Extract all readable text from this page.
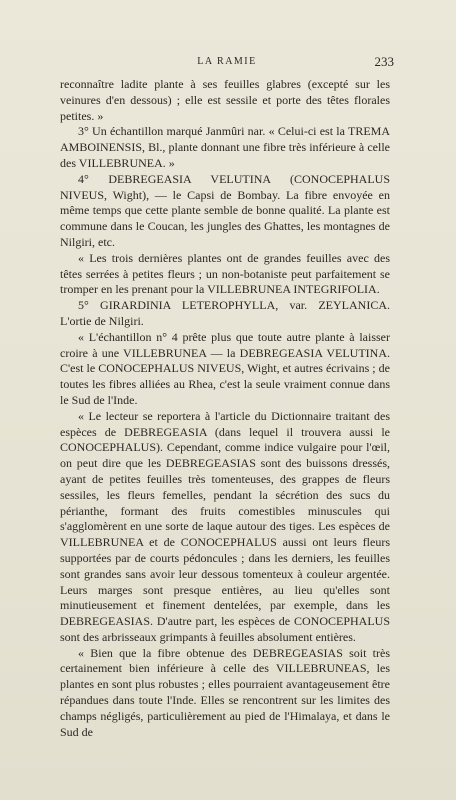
LA RAMIE	233

reconnaître ladite plante à ses feuilles glabres (excepté sur les veinures d'en dessous) ; elle est sessile et porte des têtes florales petites. »

3° Un échantillon marqué Janmûri nar. « Celui-ci est la TREMA AMBOINENSIS, Bl., plante donnant une fibre très inférieure à celle des VILLEBRUNEA. »

4° DEBREGEASIA VELUTINA (CONOCEPHALUS NIVEUS, Wight), — le Capsi de Bombay. La fibre envoyée en même temps que cette plante semble de bonne qualité. La plante est commune dans le Coucan, les jungles des Ghattes, les montagnes de Nilgiri, etc.

« Les trois dernières plantes ont de grandes feuilles avec des têtes serrées à petites fleurs ; un non-botaniste peut parfaitement se tromper en les prenant pour la VILLEBRUNEA INTEGRIFOLIA.

5° GIRARDINIA LETEROPHYLLA, var. ZEYLANICA. L'ortie de Nilgiri.

« L'échantillon n° 4 prête plus que toute autre plante à laisser croire à une VILLEBRUNEA — la DEBREGEASIA VELUTINA. C'est le CONOCEPHALUS NIVEUS, Wight, et autres écrivains ; de toutes les fibres alliées au Rhea, c'est la seule vraiment connue dans le Sud de l'Inde.

« Le lecteur se reportera à l'article du Dictionnaire traitant des espèces de DEBREGEASIA (dans lequel il trouvera aussi le CONOCEPHALUS). Cependant, comme indice vulgaire pour l'œil, on peut dire que les DEBREGEASIAS sont des buissons dressés, ayant de petites feuilles très tomenteuses, des grappes de fleurs sessiles, les fleurs femelles, pendant la sécrétion des sucs du périanthe, formant des fruits comestibles minuscules qui s'agglomèrent en une sorte de laque autour des tiges. Les espèces de VILLEBRUNEA et de CONOCEPHALUS aussi ont leurs fleurs supportées par de courts pédoncules ; dans les derniers, les feuilles sont grandes sans avoir leur dessous tomenteux à couleur argentée. Leurs marges sont presque entières, au lieu qu'elles sont minutieusement et finement dentelées, par exemple, dans les DEBREGEASIAS. D'autre part, les espèces de CONOCEPHALUS sont des arbrisseaux grimpants à feuilles absolument entières.

« Bien que la fibre obtenue des DEBREGEASIAS soit très certainement bien inférieure à celle des VILLEBRUNEAS, les plantes en sont plus robustes ; elles pourraient avantageusement être répandues dans toute l'Inde. Elles se rencontrent sur les limites des champs négligés, particulièrement au pied de l'Himalaya, et dans le Sud de
